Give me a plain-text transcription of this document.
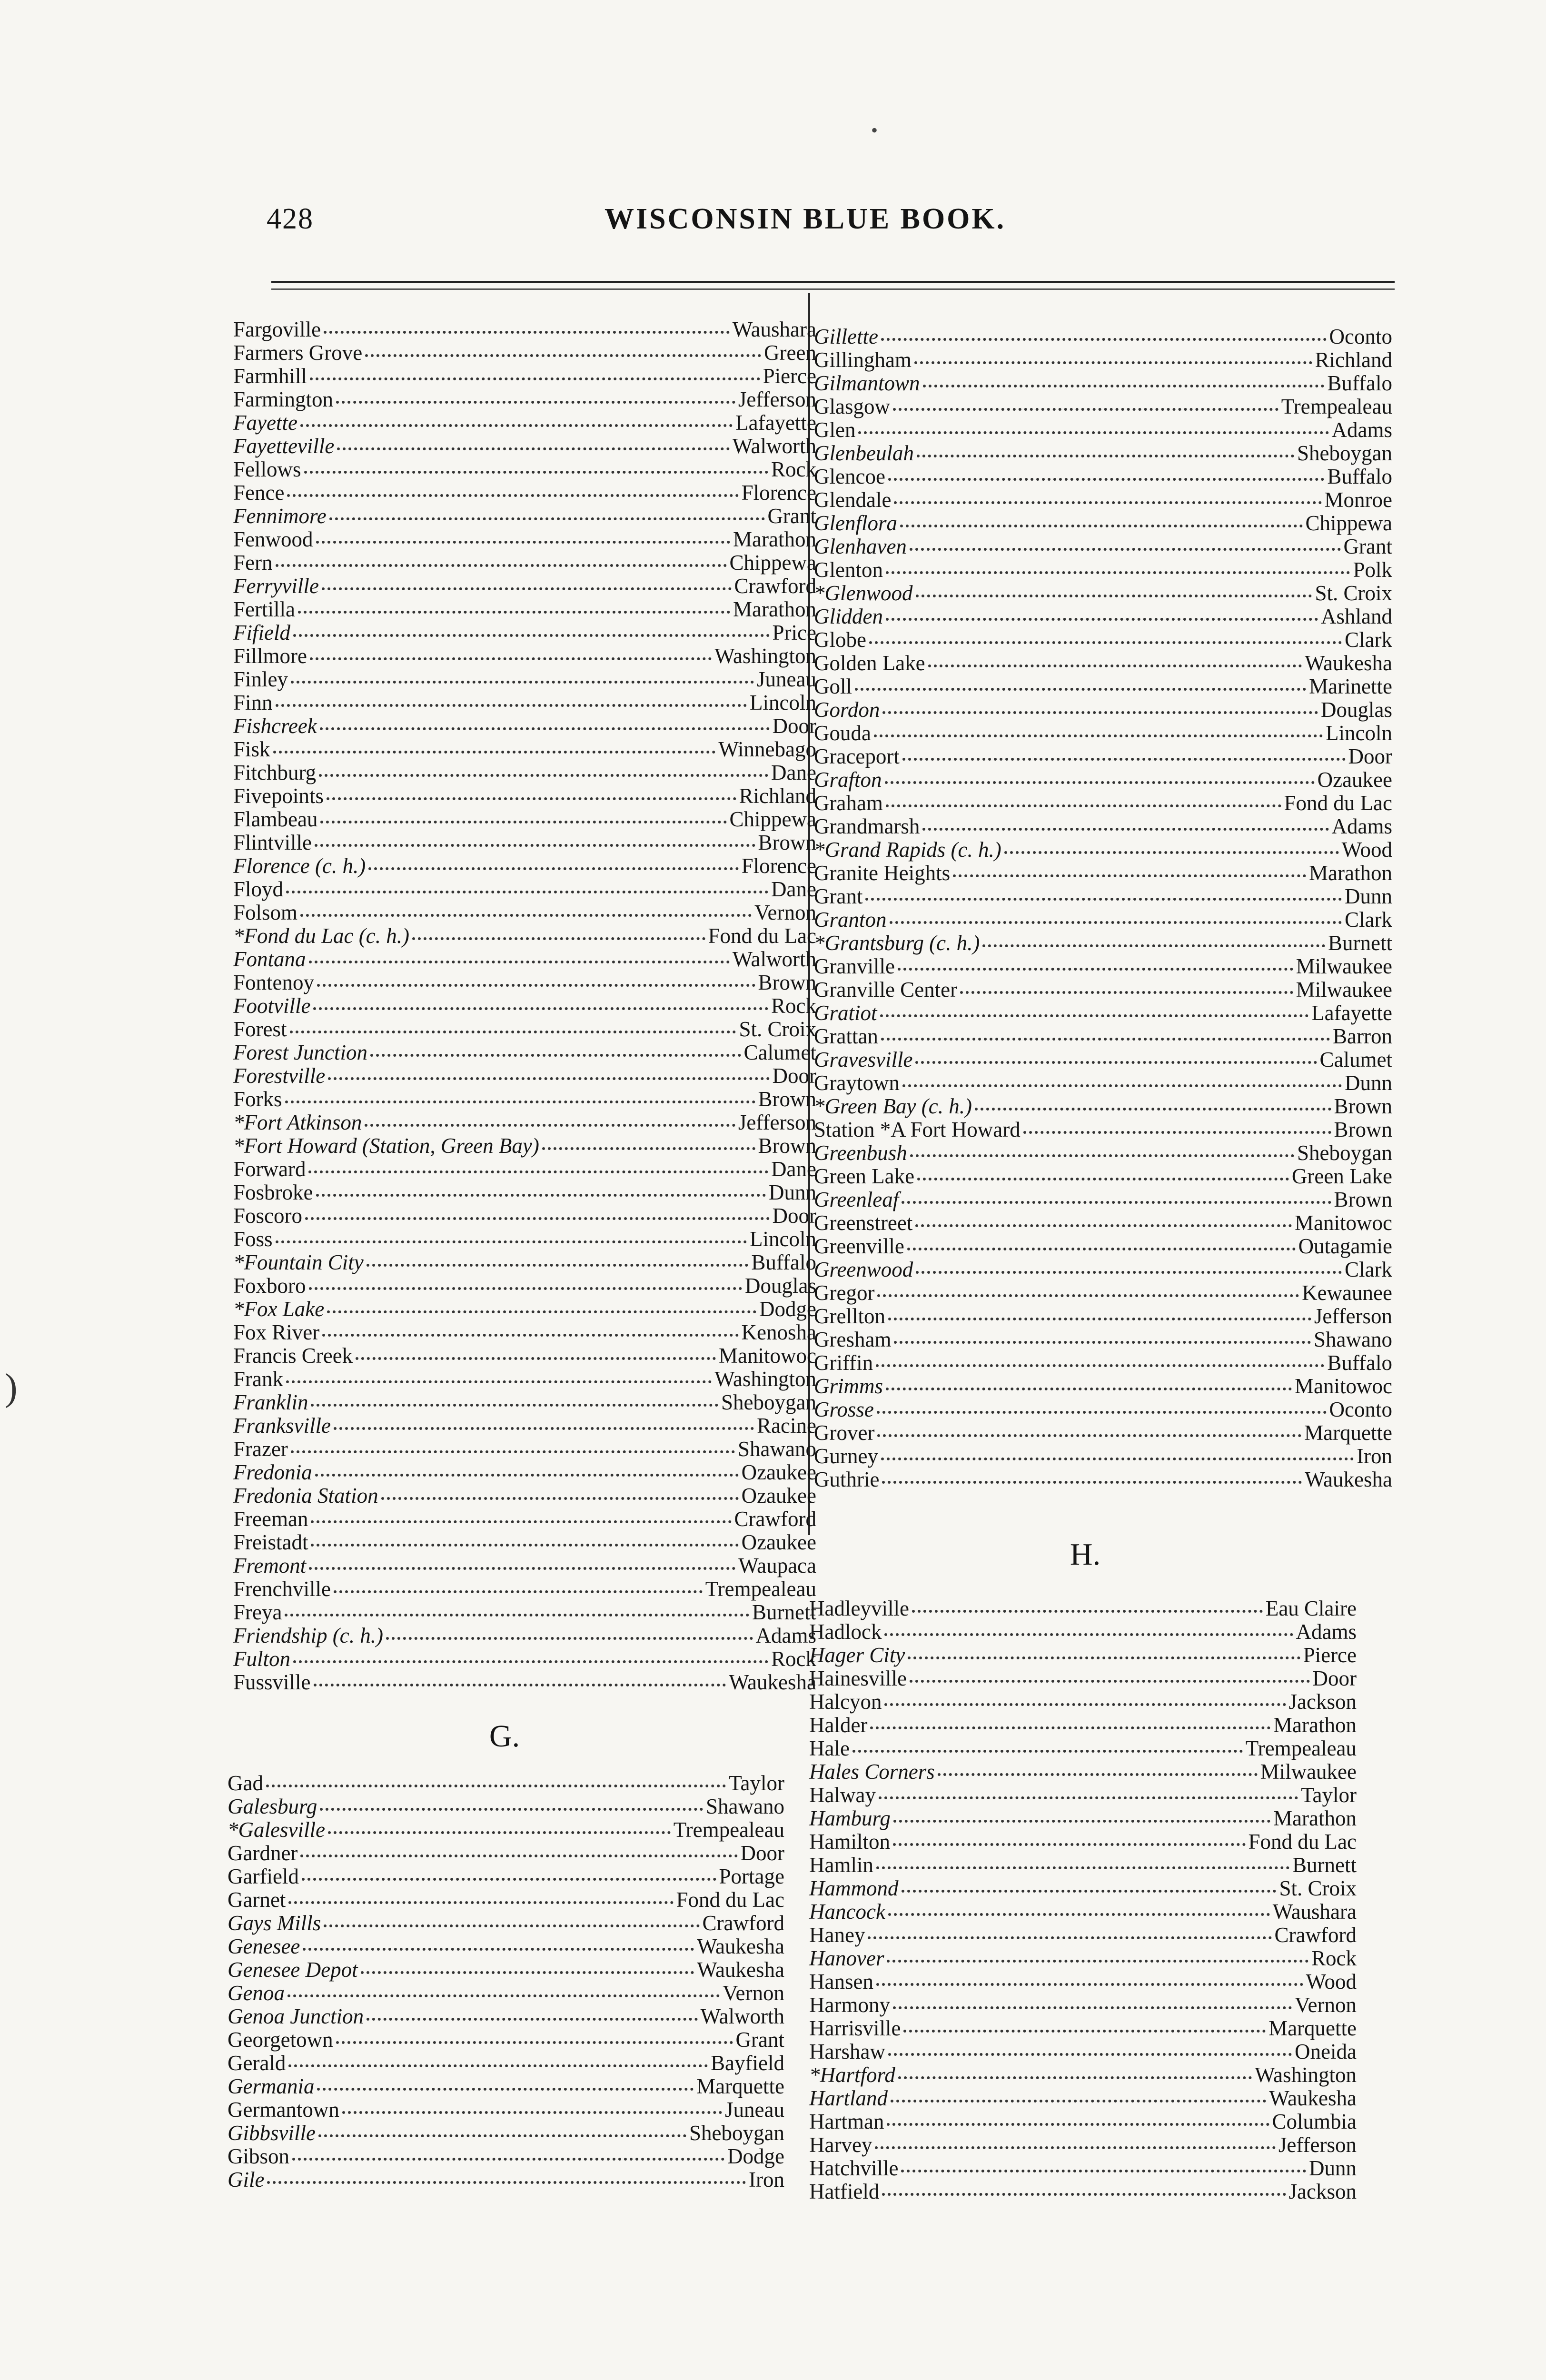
•
428	WISCONSIN BLUE BOOK.
)
Fargoville	Waushara
Farmers Grove	Green
Farmhill	Pierce
Farmington	Jefferson
Fayette	Lafayette
Fayetteville	Walworth
Fellows	Rock
Fence	Florence
Fennimore	Grant
Fenwood	Marathon
Fern	Chippewa
Ferryville	Crawford
Fertilla	Marathon
Fifield	Price
Fillmore	Washington
Finley	Juneau
Finn	Lincoln
Fishcreek	Door
Fisk	Winnebago
Fitchburg	Dane
Fivepoints	Richland
Flambeau	Chippewa
Flintville	Brown
Florence (c. h.)	Florence
Floyd	Dane
Folsom	Vernon
*Fond du Lac (c. h.)	Fond du Lac
Fontana	Walworth
Fontenoy	Brown
Footville	Rock
Forest	St. Croix
Forest Junction	Calumet
Forestville	Door
Forks	Brown
*Fort Atkinson	Jefferson
*Fort Howard (Station, Green Bay)	Brown
Forward	Dane
Fosbroke	Dunn
Foscoro	Door
Foss	Lincoln
*Fountain City	Buffalo
Foxboro	Douglas
*Fox Lake	Dodge
Fox River	Kenosha
Francis Creek	Manitowoc
Frank	Washington
Franklin	Sheboygan
Franksville	Racine
Frazer	Shawano
Fredonia	Ozaukee
Fredonia Station	Ozaukee
Freeman	Crawford
Freistadt	Ozaukee
Fremont	Waupaca
Frenchville	Trempealeau
Freya	Burnett
Friendship (c. h.)	Adams
Fulton	Rock
Fussville	Waukesha
G.
Gad	Taylor
Galesburg	Shawano
*Galesville	Trempealeau
Gardner	Door
Garfield	Portage
Garnet	Fond du Lac
Gays Mills	Crawford
Genesee	Waukesha
Genesee Depot	Waukesha
Genoa	Vernon
Genoa Junction	Walworth
Georgetown	Grant
Gerald	Bayfield
Germania	Marquette
Germantown	Juneau
Gibbsville	Sheboygan
Gibson	Dodge
Gile	Iron
Gillette	Oconto
Gillingham	Richland
Gilmantown	Buffalo
Glasgow	Trempealeau
Glen	Adams
Glenbeulah	Sheboygan
Glencoe	Buffalo
Glendale	Monroe
Glenflora	Chippewa
Glenhaven	Grant
Glenton	Polk
*Glenwood	St. Croix
Glidden	Ashland
Globe	Clark
Golden Lake	Waukesha
Goll	Marinette
Gordon	Douglas
Gouda	Lincoln
Graceport	Door
Grafton	Ozaukee
Graham	Fond du Lac
Grandmarsh	Adams
*Grand Rapids (c. h.)	Wood
Granite Heights	Marathon
Grant	Dunn
Granton	Clark
*Grantsburg (c. h.)	Burnett
Granville	Milwaukee
Granville Center	Milwaukee
Gratiot	Lafayette
Grattan	Barron
Gravesville	Calumet
Graytown	Dunn
*Green Bay (c. h.)	Brown
Station *A Fort Howard	Brown
Greenbush	Sheboygan
Green Lake	Green Lake
Greenleaf	Brown
Greenstreet	Manitowoc
Greenville	Outagamie
Greenwood	Clark
Gregor	Kewaunee
Grellton	Jefferson
Gresham	Shawano
Griffin	Buffalo
Grimms	Manitowoc
Grosse	Oconto
Grover	Marquette
Gurney	Iron
Guthrie	Waukesha
H.
Hadleyville	Eau Claire
Hadlock	Adams
Hager City	Pierce
Hainesville	Door
Halcyon	Jackson
Halder	Marathon
Hale	Trempealeau
Hales Corners	Milwaukee
Halway	Taylor
Hamburg	Marathon
Hamilton	Fond du Lac
Hamlin	Burnett
Hammond	St. Croix
Hancock	Waushara
Haney	Crawford
Hanover	Rock
Hansen	Wood
Harmony	Vernon
Harrisville	Marquette
Harshaw	Oneida
*Hartford	Washington
Hartland	Waukesha
Hartman	Columbia
Harvey	Jefferson
Hatchville	Dunn
Hatfield	Jackson
